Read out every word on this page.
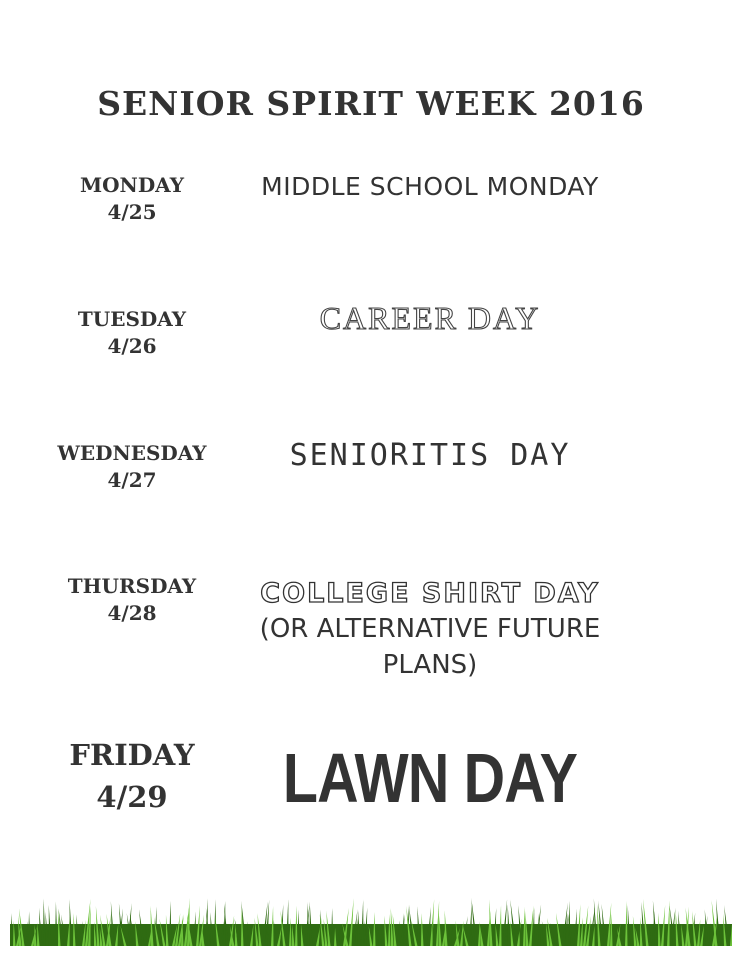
SENIOR SPIRIT WEEK 2016
MONDAY
4/25
MIDDLE SCHOOL MONDAY
TUESDAY
4/26
CAREER DAY
WEDNESDAY
4/27
SENIORITIS DAY
THURSDAY
4/28
COLLEGE SHIRT DAY
(OR ALTERNATIVE FUTURE PLANS)
FRIDAY
4/29	LAWN DAY
